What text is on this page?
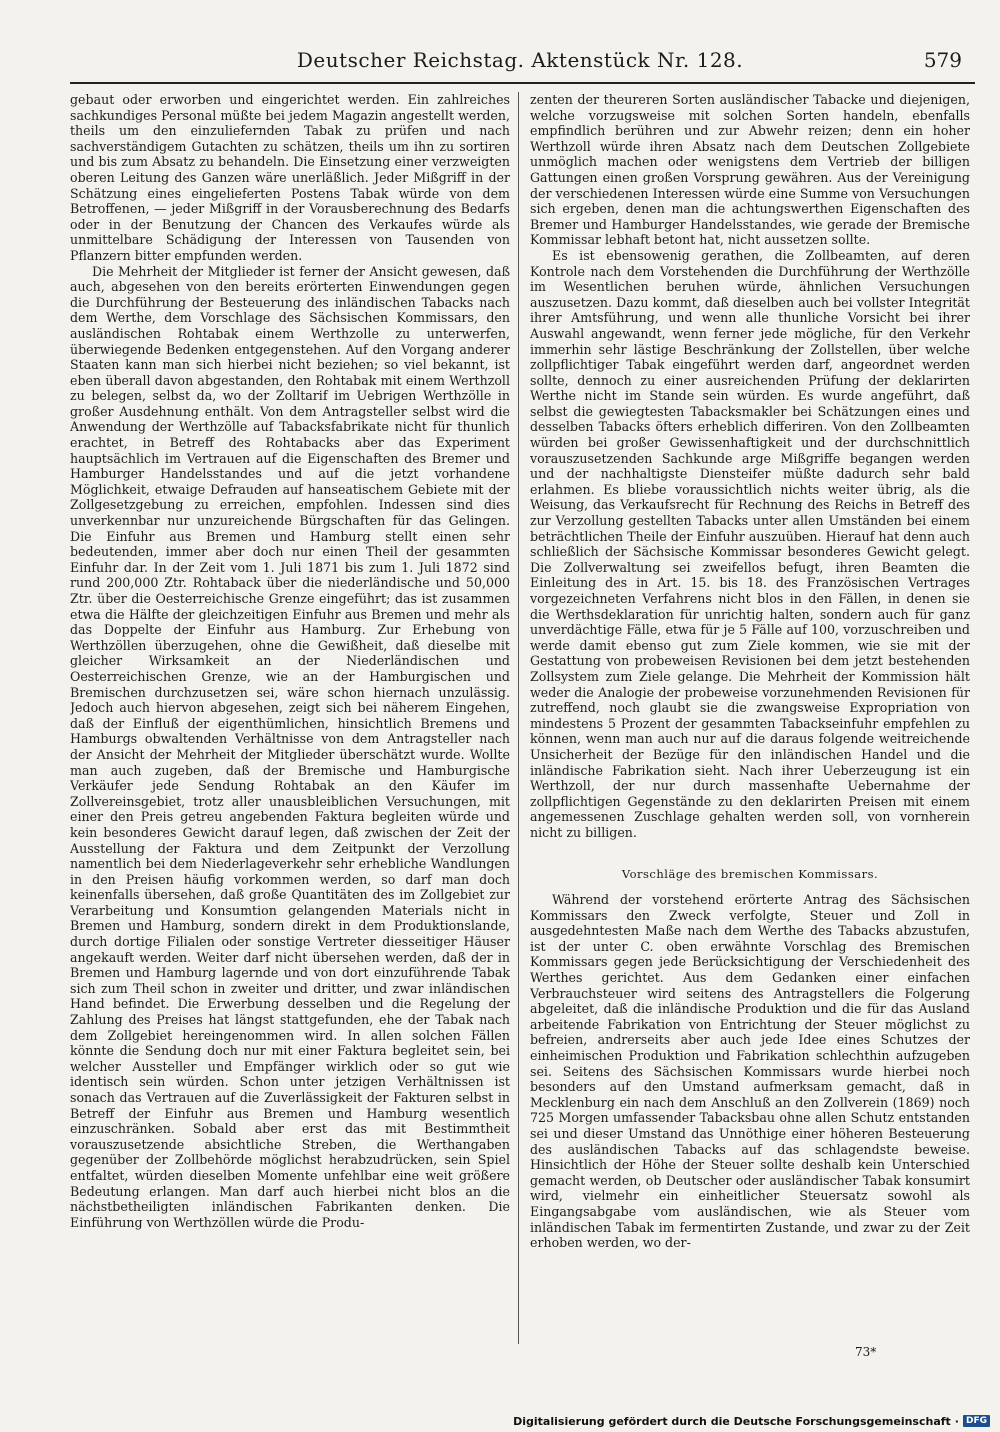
Deutscher Reichstag. Aktenstück Nr. 128.	579

gebaut oder erworben und eingerichtet werden. Ein zahlreiches sachkundiges Personal müßte bei jedem Magazin angestellt werden, theils um den einzuliefernden Tabak zu prüfen und nach sachverständigem Gutachten zu schätzen, theils um ihn zu sortiren und bis zum Absatz zu behandeln. Die Einsetzung einer verzweigten oberen Leitung des Ganzen wäre unerläßlich. Jeder Mißgriff in der Schätzung eines eingelieferten Postens Tabak würde von dem Betroffenen, — jeder Mißgriff in der Vorausberechnung des Bedarfs oder in der Benutzung der Chancen des Verkaufes würde als unmittelbare Schädigung der Interessen von Tausenden von Pflanzern bitter empfunden werden.

Die Mehrheit der Mitglieder ist ferner der Ansicht gewesen, daß auch, abgesehen von den bereits erörterten Einwendungen gegen die Durchführung der Besteuerung des inländischen Tabacks nach dem Werthe, dem Vorschlage des Sächsischen Kommissars, den ausländischen Rohtabak einem Werthzolle zu unterwerfen, überwiegende Bedenken entgegenstehen. Auf den Vorgang anderer Staaten kann man sich hierbei nicht beziehen; so viel bekannt, ist eben überall davon abgestanden, den Rohtabak mit einem Werthzoll zu belegen, selbst da, wo der Zolltarif im Uebrigen Werthzölle in großer Ausdehnung enthält. Von dem Antragsteller selbst wird die Anwendung der Werthzölle auf Tabacksfabrikate nicht für thunlich erachtet, in Betreff des Rohtabacks aber das Experiment hauptsächlich im Vertrauen auf die Eigenschaften des Bremer und Hamburger Handelsstandes und auf die jetzt vorhandene Möglichkeit, etwaige Defrauden auf hanseatischem Gebiete mit der Zollgesetzgebung zu erreichen, empfohlen. Indessen sind dies unverkennbar nur unzureichende Bürgschaften für das Gelingen. Die Einfuhr aus Bremen und Hamburg stellt einen sehr bedeutenden, immer aber doch nur einen Theil der gesammten Einfuhr dar. In der Zeit vom 1. Juli 1871 bis zum 1. Juli 1872 sind rund 200,000 Ztr. Rohtaback über die niederländische und 50,000 Ztr. über die Oesterreichische Grenze eingeführt; das ist zusammen etwa die Hälfte der gleichzeitigen Einfuhr aus Bremen und mehr als das Doppelte der Einfuhr aus Hamburg. Zur Erhebung von Werthzöllen überzugehen, ohne die Gewißheit, daß dieselbe mit gleicher Wirksamkeit an der Niederländischen und Oesterreichischen Grenze, wie an der Hamburgischen und Bremischen durchzusetzen sei, wäre schon hiernach unzulässig. Jedoch auch hiervon abgesehen, zeigt sich bei näherem Eingehen, daß der Einfluß der eigenthümlichen, hinsichtlich Bremens und Hamburgs obwaltenden Verhältnisse von dem Antragsteller nach der Ansicht der Mehrheit der Mitglieder überschätzt wurde. Wollte man auch zugeben, daß der Bremische und Hamburgische Verkäufer jede Sendung Rohtabak an den Käufer im Zollvereinsgebiet, trotz aller unausbleiblichen Versuchungen, mit einer den Preis getreu angebenden Faktura begleiten würde und kein besonderes Gewicht darauf legen, daß zwischen der Zeit der Ausstellung der Faktura und dem Zeitpunkt der Verzollung namentlich bei dem Niederlageverkehr sehr erhebliche Wandlungen in den Preisen häufig vorkommen werden, so darf man doch keinenfalls übersehen, daß große Quantitäten des im Zollgebiet zur Verarbeitung und Konsumtion gelangenden Materials nicht in Bremen und Hamburg, sondern direkt in dem Produktionslande, durch dortige Filialen oder sonstige Vertreter diesseitiger Häuser angekauft werden. Weiter darf nicht übersehen werden, daß der in Bremen und Hamburg lagernde und von dort einzuführende Tabak sich zum Theil schon in zweiter und dritter, und zwar inländischen Hand befindet. Die Erwerbung desselben und die Regelung der Zahlung des Preises hat längst stattgefunden, ehe der Tabak nach dem Zollgebiet hereingenommen wird. In allen solchen Fällen könnte die Sendung doch nur mit einer Faktura begleitet sein, bei welcher Aussteller und Empfänger wirklich oder so gut wie identisch sein würden. Schon unter jetzigen Verhältnissen ist sonach das Vertrauen auf die Zuverlässigkeit der Fakturen selbst in Betreff der Einfuhr aus Bremen und Hamburg wesentlich einzuschränken. Sobald aber erst das mit Bestimmtheit vorauszusetzende absichtliche Streben, die Werthangaben gegenüber der Zollbehörde möglichst herabzudrücken, sein Spiel entfaltet, würden dieselben Momente unfehlbar eine weit größere Bedeutung erlangen. Man darf auch hierbei nicht blos an die nächstbetheiligten inländischen Fabrikanten denken. Die Einführung von Werthzöllen würde die Produ-

zenten der theureren Sorten ausländischer Tabacke und diejenigen, welche vorzugsweise mit solchen Sorten handeln, ebenfalls empfindlich berühren und zur Abwehr reizen; denn ein hoher Werthzoll würde ihren Absatz nach dem Deutschen Zollgebiete unmöglich machen oder wenigstens dem Vertrieb der billigen Gattungen einen großen Vorsprung gewähren. Aus der Vereinigung der verschiedenen Interessen würde eine Summe von Versuchungen sich ergeben, denen man die achtungswerthen Eigenschaften des Bremer und Hamburger Handelsstandes, wie gerade der Bremische Kommissar lebhaft betont hat, nicht aussetzen sollte.

Es ist ebensowenig gerathen, die Zollbeamten, auf deren Kontrole nach dem Vorstehenden die Durchführung der Werthzölle im Wesentlichen beruhen würde, ähnlichen Versuchungen auszusetzen. Dazu kommt, daß dieselben auch bei vollster Integrität ihrer Amtsführung, und wenn alle thunliche Vorsicht bei ihrer Auswahl angewandt, wenn ferner jede mögliche, für den Verkehr immerhin sehr lästige Beschränkung der Zollstellen, über welche zollpflichtiger Tabak eingeführt werden darf, angeordnet werden sollte, dennoch zu einer ausreichenden Prüfung der deklarirten Werthe nicht im Stande sein würden. Es wurde angeführt, daß selbst die gewiegtesten Tabacksmakler bei Schätzungen eines und desselben Tabacks öfters erheblich differiren. Von den Zollbeamten würden bei großer Gewissenhaftigkeit und der durchschnittlich vorauszusetzenden Sachkunde arge Mißgriffe begangen werden und der nachhaltigste Diensteifer müßte dadurch sehr bald erlahmen. Es bliebe voraussichtlich nichts weiter übrig, als die Weisung, das Verkaufsrecht für Rechnung des Reichs in Betreff des zur Verzollung gestellten Tabacks unter allen Umständen bei einem beträchtlichen Theile der Einfuhr auszuüben. Hierauf hat denn auch schließlich der Sächsische Kommissar besonderes Gewicht gelegt. Die Zollverwaltung sei zweifellos befugt, ihren Beamten die Einleitung des in Art. 15. bis 18. des Französischen Vertrages vorgezeichneten Verfahrens nicht blos in den Fällen, in denen sie die Werthsdeklaration für unrichtig halten, sondern auch für ganz unverdächtige Fälle, etwa für je 5 Fälle auf 100, vorzuschreiben und werde damit ebenso gut zum Ziele kommen, wie sie mit der Gestattung von probeweisen Revisionen bei dem jetzt bestehenden Zollsystem zum Ziele gelange. Die Mehrheit der Kommission hält weder die Analogie der probeweise vorzunehmenden Revisionen für zutreffend, noch glaubt sie die zwangsweise Expropriation von mindestens 5 Prozent der gesammten Tabackseinfuhr empfehlen zu können, wenn man auch nur auf die daraus folgende weitreichende Unsicherheit der Bezüge für den inländischen Handel und die inländische Fabrikation sieht. Nach ihrer Ueberzeugung ist ein Werthzoll, der nur durch massenhafte Uebernahme der zollpflichtigen Gegenstände zu den deklarirten Preisen mit einem angemessenen Zuschlage gehalten werden soll, von vornherein nicht zu billigen.

Vorschläge des bremischen Kommissars.

Während der vorstehend erörterte Antrag des Sächsischen Kommissars den Zweck verfolgte, Steuer und Zoll in ausgedehntesten Maße nach dem Werthe des Tabacks abzustufen, ist der unter C. oben erwähnte Vorschlag des Bremischen Kommissars gegen jede Berücksichtigung der Verschiedenheit des Werthes gerichtet. Aus dem Gedanken einer einfachen Verbrauchsteuer wird seitens des Antragstellers die Folgerung abgeleitet, daß die inländische Produktion und die für das Ausland arbeitende Fabrikation von Entrichtung der Steuer möglichst zu befreien, andrerseits aber auch jede Idee eines Schutzes der einheimischen Produktion und Fabrikation schlechthin aufzugeben sei. Seitens des Sächsischen Kommissars wurde hierbei noch besonders auf den Umstand aufmerksam gemacht, daß in Mecklenburg ein nach dem Anschluß an den Zollverein (1869) noch 725 Morgen umfassender Tabacksbau ohne allen Schutz entstanden sei und dieser Umstand das Unnöthige einer höheren Besteuerung des ausländischen Tabacks auf das schlagendste beweise. Hinsichtlich der Höhe der Steuer sollte deshalb kein Unterschied gemacht werden, ob Deutscher oder ausländischer Tabak konsumirt wird, vielmehr ein einheitlicher Steuersatz sowohl als Eingangsabgabe vom ausländischen, wie als Steuer vom inländischen Tabak im fermentirten Zustande, und zwar zu der Zeit erhoben werden, wo der-

73*
Digitalisierung gefördert durch die Deutsche Forschungsgemeinschaft · DFG
